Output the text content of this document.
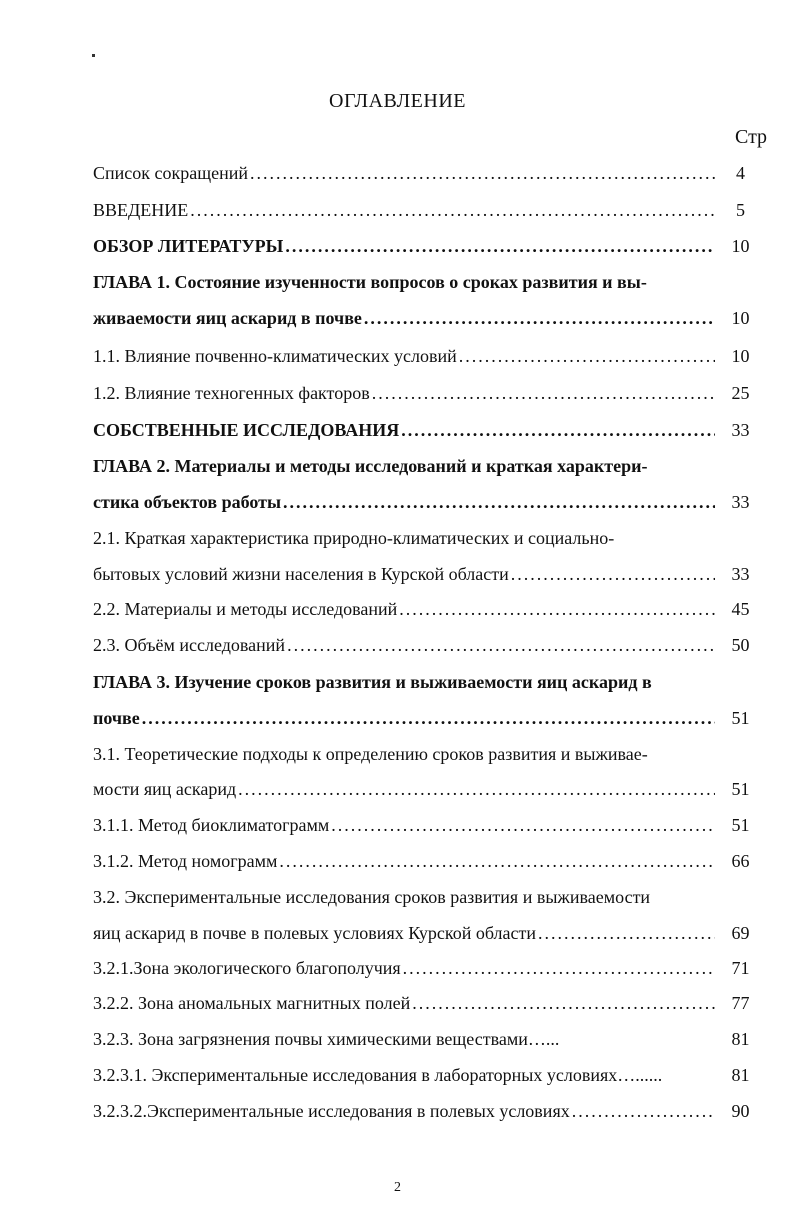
ОГЛАВЛЕНИЕ
Стр
Список сокращений .....	4
ВВЕДЕНИЕ .....	5
ОБЗОР ЛИТЕРАТУРЫ .....	10
ГЛАВА 1. Состояние изученности вопросов о сроках развития и вы-
живаемости яиц аскарид в почве .....	10
1.1. Влияние почвенно-климатических условий .....	10
1.2. Влияние техногенных факторов .....	25
СОБСТВЕННЫЕ ИССЛЕДОВАНИЯ .....	33
ГЛАВА 2. Материалы и методы исследований и краткая характери-
стика объектов работы .....	33
2.1. Краткая характеристика природно-климатических и социально-
бытовых условий жизни населения в Курской области .....	33
2.2. Материалы и методы исследований .....	45
2.3. Объём исследований .....	50
ГЛАВА 3. Изучение сроков развития и выживаемости яиц аскарид в
почве .....	51
3.1. Теоретические подходы к определению сроков развития и выживае-
мости яиц аскарид .....	51
3.1.1. Метод биоклиматограмм .....	51
3.1.2. Метод номограмм .....	66
3.2. Экспериментальные исследования сроков развития и выживаемости
яиц аскарид в почве в полевых условиях Курской области .....	69
3.2.1.Зона экологического благополучия .....	71
3.2.2. Зона аномальных магнитных полей .....	77
3.2.3. Зона загрязнения почвы химическими веществами…...	81
3.2.3.1. Экспериментальные исследования в лабораторных условиях…......	81
3.2.3.2.Экспериментальные исследования в полевых условиях .....	90
2
